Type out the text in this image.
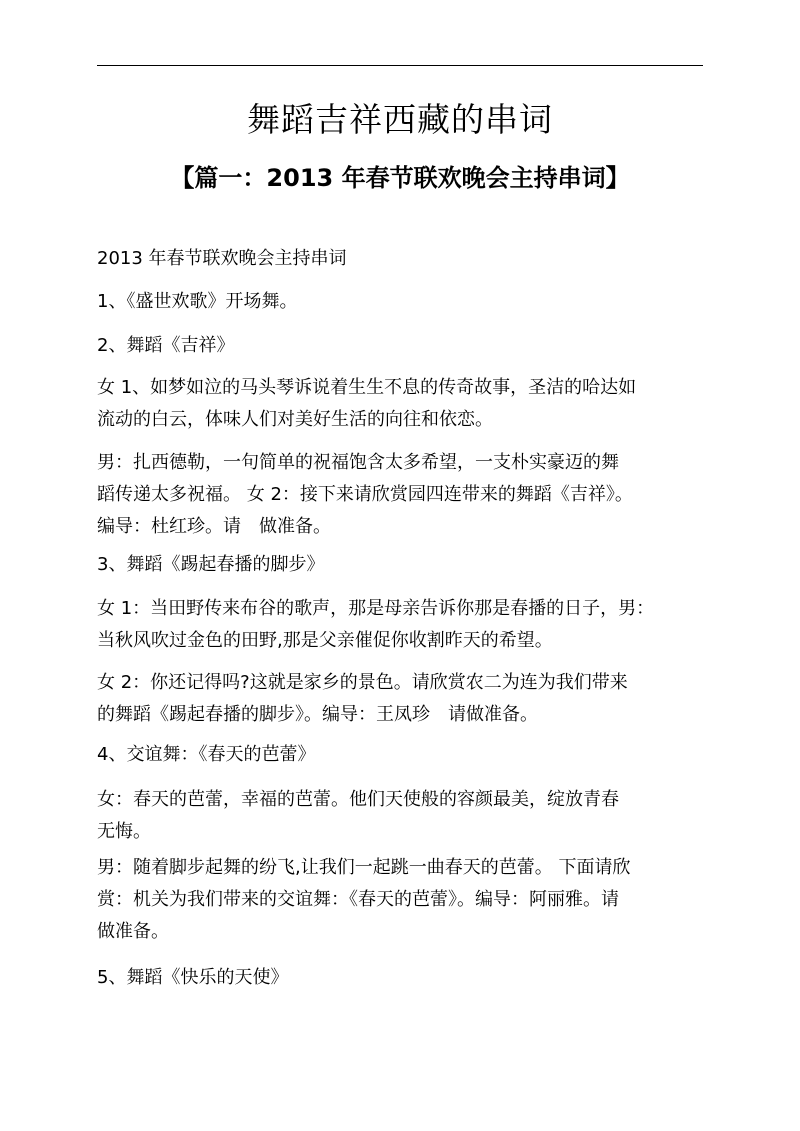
舞蹈吉祥西藏的串词
【篇一：2013 年春节联欢晚会主持串词】
2013 年春节联欢晚会主持串词
1、《盛世欢歌》开场舞。
2、舞蹈《吉祥》
女 1、如梦如泣的马头琴诉说着生生不息的传奇故事，圣洁的哈达如
流动的白云，体味人们对美好生活的向往和依恋。
男：扎西德勒，一句简单的祝福饱含太多希望，一支朴实豪迈的舞
蹈传递太多祝福。 女 2：接下来请欣赏园四连带来的舞蹈《吉祥》。
编导：杜红珍。请　做准备。
3、舞蹈《踢起春播的脚步》
女 1：当田野传来布谷的歌声，那是母亲告诉你那是春播的日子，男：
当秋风吹过金色的田野,那是父亲催促你收割昨天的希望。
女 2：你还记得吗?这就是家乡的景色。请欣赏农二为连为我们带来
的舞蹈《踢起春播的脚步》。编导：王凤珍　请做准备。
4、交谊舞：《春天的芭蕾》
女：春天的芭蕾，幸福的芭蕾。他们天使般的容颜最美，绽放青春
无悔。
男：随着脚步起舞的纷飞,让我们一起跳一曲春天的芭蕾。 下面请欣
赏：机关为我们带来的交谊舞：《春天的芭蕾》。编导：阿丽雅。请
做准备。
5、舞蹈《快乐的天使》
